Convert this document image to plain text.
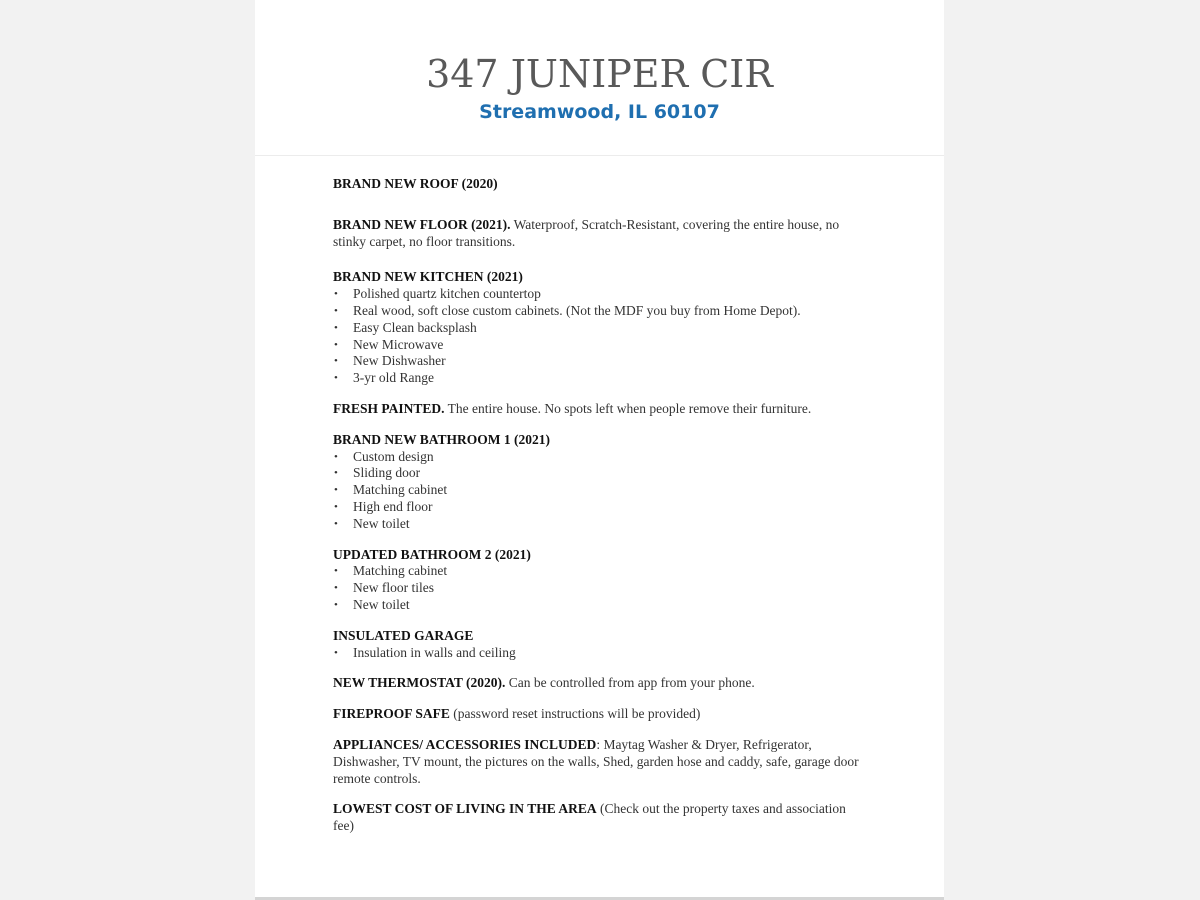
347 JUNIPER CIR
Streamwood, IL 60107
BRAND NEW ROOF (2020)
BRAND NEW FLOOR (2021). Waterproof, Scratch-Resistant, covering the entire house, no stinky carpet, no floor transitions.
BRAND NEW KITCHEN (2021)
• Polished quartz kitchen countertop
• Real wood, soft close custom cabinets. (Not the MDF you buy from Home Depot).
• Easy Clean backsplash
• New Microwave
• New Dishwasher
• 3-yr old Range
FRESH PAINTED. The entire house. No spots left when people remove their furniture.
BRAND NEW BATHROOM 1 (2021)
• Custom design
• Sliding door
• Matching cabinet
• High end floor
• New toilet
UPDATED BATHROOM 2 (2021)
• Matching cabinet
• New floor tiles
• New toilet
INSULATED GARAGE
• Insulation in walls and ceiling
NEW THERMOSTAT (2020). Can be controlled from app from your phone.
FIREPROOF SAFE (password reset instructions will be provided)
APPLIANCES/ ACCESSORIES INCLUDED: Maytag Washer & Dryer, Refrigerator, Dishwasher, TV mount, the pictures on the walls, Shed, garden hose and caddy, safe, garage door remote controls.
LOWEST COST OF LIVING IN THE AREA (Check out the property taxes and association fee)
